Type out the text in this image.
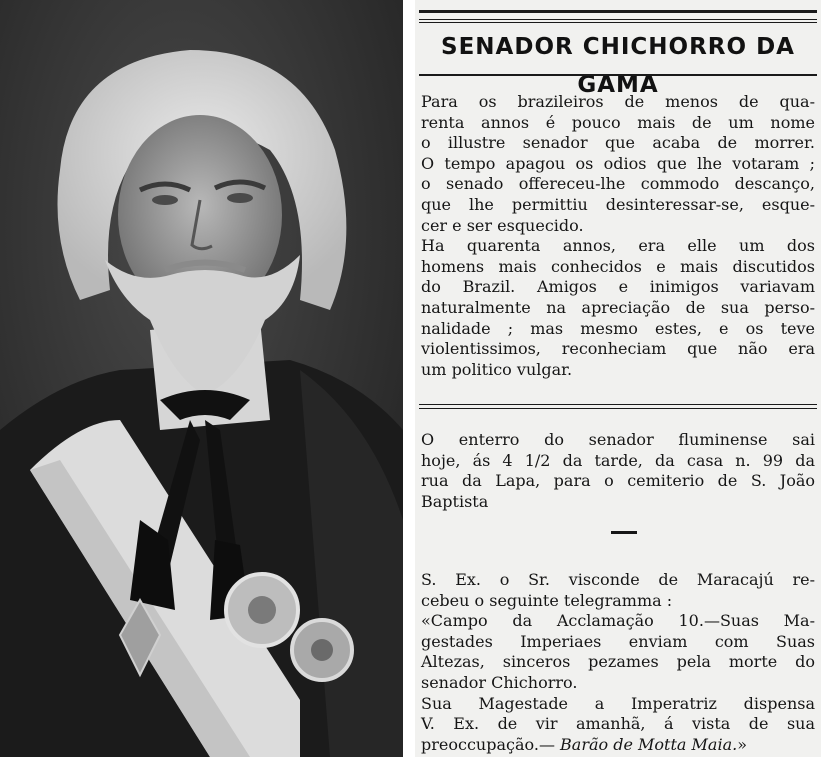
SENADOR CHICHORRO DA GAMA
Para os brazileiros de menos de qua-
renta annos é pouco mais de um nome
o illustre senador que acaba de morrer.
O tempo apagou os odios que lhe votaram ;
o senado offereceu-lhe commodo descanço,
que lhe permittiu desinteressar-se, esque-
cer e ser esquecido.
Ha quarenta annos, era elle um dos
homens mais conhecidos e mais discutidos
do Brazil. Amigos e inimigos variavam
naturalmente na apreciação de sua perso-
nalidade ; mas mesmo estes, e os teve
violentissimos, reconheciam que não era
um politico vulgar.
O enterro do senador fluminense sai
hoje, ás 4 1/2 da tarde, da casa n. 99 da
rua da Lapa, para o cemiterio de S. João
Baptista
S. Ex. o Sr. visconde de Maracajú re-
cebeu o seguinte telegramma :
«Campo da Acclamação 10.—Suas Ma-
gestades Imperiaes enviam com Suas
Altezas, sinceros pezames pela morte do
senador Chichorro.
Sua Magestade a Imperatriz dispensa
V. Ex. de vir amanhã, á vista de sua
preoccupação.— Barão de Motta Maia.»
